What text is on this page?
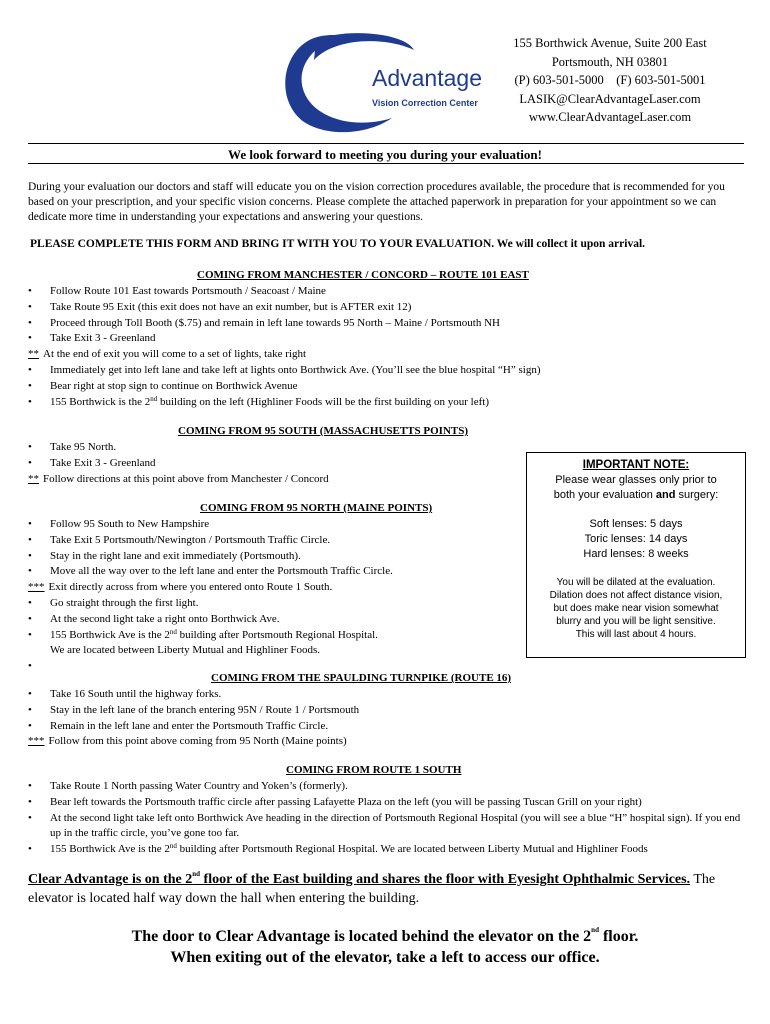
Clear Advantage
Vision Correction Center
155 Borthwick Avenue, Suite 200 East
Portsmouth, NH 03801
(P) 603-501-5000    (F) 603-501-5001
LASIK@ClearAdvantageLaser.com
www.ClearAdvantageLaser.com
We look forward to meeting you during your evaluation!
During your evaluation our doctors and staff will educate you on the vision correction procedures available, the procedure that is recommended for you based on your prescription, and your specific vision concerns. Please complete the attached paperwork in preparation for your appointment so we can dedicate more time in understanding your expectations and answering your questions.
PLEASE COMPLETE THIS FORM AND BRING IT WITH YOU TO YOUR EVALUATION. We will collect it upon arrival.
COMING FROM MANCHESTER / CONCORD – ROUTE 101 EAST
• Follow Route 101 East towards Portsmouth / Seacoast / Maine
• Take Route 95 Exit (this exit does not have an exit number, but is AFTER exit 12)
• Proceed through Toll Booth ($.75) and remain in left lane towards 95 North – Maine / Portsmouth NH
• Take Exit 3 - Greenland
** At the end of exit you will come to a set of lights, take right
• Immediately get into left lane and take left at lights onto Borthwick Ave. (You’ll see the blue hospital “H” sign)
• Bear right at stop sign to continue on Borthwick Avenue
• 155 Borthwick is the 2nd building on the left (Highliner Foods will be the first building on your left)
COMING FROM 95 SOUTH (MASSACHUSETTS POINTS)
• Take 95 North.
• Take Exit 3 - Greenland
** Follow directions at this point above from Manchester / Concord
COMING FROM 95 NORTH (MAINE POINTS)
• Follow 95 South to New Hampshire
• Take Exit 5 Portsmouth/Newington / Portsmouth Traffic Circle.
• Stay in the right lane and exit immediately (Portsmouth).
• Move all the way over to the left lane and enter the Portsmouth Traffic Circle.
*** Exit directly across from where you entered onto Route 1 South.
• Go straight through the first light.
• At the second light take a right onto Borthwick Ave.
• 155 Borthwick Ave is the 2nd building after Portsmouth Regional Hospital.
We are located between Liberty Mutual and Highliner Foods.
•
IMPORTANT NOTE:
Please wear glasses only prior to
both your evaluation and surgery:
Soft lenses: 5 days
Toric lenses: 14 days
Hard lenses: 8 weeks
You will be dilated at the evaluation.
Dilation does not affect distance vision,
but does make near vision somewhat
blurry and you will be light sensitive.
This will last about 4 hours.
COMING FROM THE SPAULDING TURNPIKE (ROUTE 16)
• Take 16 South until the highway forks.
• Stay in the left lane of the branch entering 95N / Route 1 / Portsmouth
• Remain in the left lane and enter the Portsmouth Traffic Circle.
*** Follow from this point above coming from 95 North (Maine points)
COMING FROM ROUTE 1 SOUTH
• Take Route 1 North passing Water Country and Yoken’s (formerly).
• Bear left towards the Portsmouth traffic circle after passing Lafayette Plaza on the left (you will be passing Tuscan Grill on your right)
•	At the second light take left onto Borthwick Ave heading in the direction of Portsmouth Regional Hospital (you will see a blue “H” hospital sign). If you end up in the traffic circle, you’ve gone too far.
• 155 Borthwick Ave is the 2nd building after Portsmouth Regional Hospital. We are located between Liberty Mutual and Highliner Foods
Clear Advantage is on the 2nd floor of the East building and shares the floor with Eyesight Ophthalmic Services. The elevator is located half way down the hall when entering the building.
The door to Clear Advantage is located behind the elevator on the 2nd floor.
When exiting out of the elevator, take a left to access our office.
